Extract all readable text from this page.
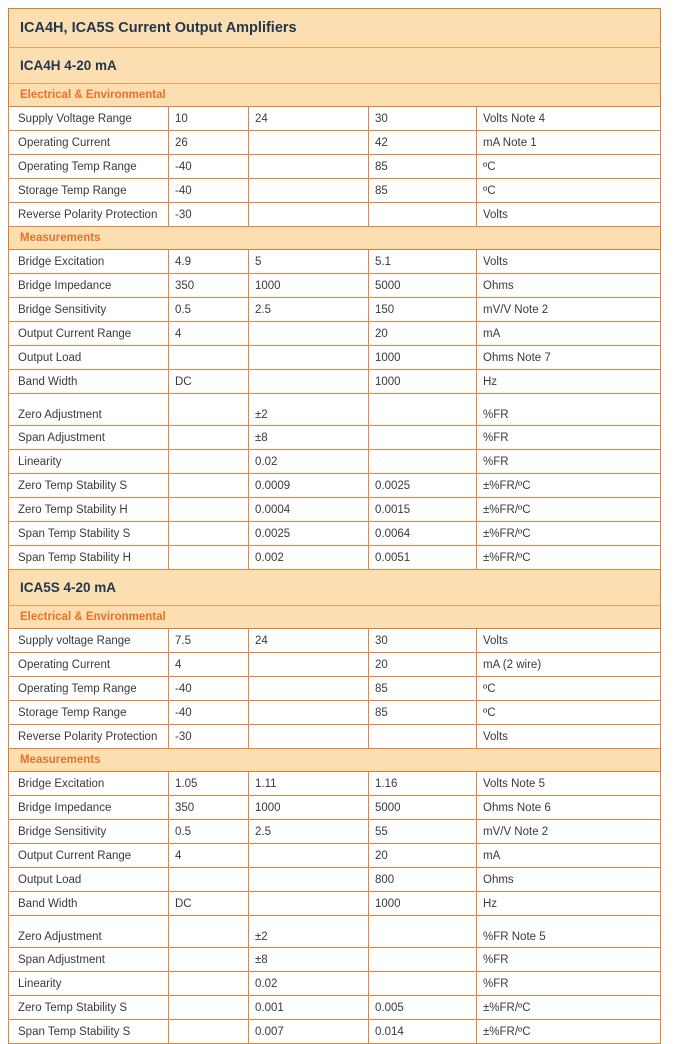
ICA4H, ICA5S Current Output Amplifiers				
ICA4H 4-20 mA				
Electrical & Environmental				
Supply Voltage Range	10	24	30	Volts Note 4
Operating Current	26		42	mA Note 1
Operating Temp Range	-40		85	ºC
Storage Temp Range	-40		85	ºC
Reverse Polarity Protection	-30			Volts
Measurements				
Bridge Excitation	4.9	5	5.1	Volts
Bridge Impedance	350	1000	5000	Ohms
Bridge Sensitivity	0.5	2.5	150	mV/V Note 2
Output Current Range	4		20	mA
Output Load			1000	Ohms Note 7
Band Width	DC		1000	Hz
Zero Adjustment		±2		%FR
Span Adjustment		±8		%FR
Linearity		0.02		%FR
Zero Temp Stability S		0.0009	0.0025	±%FR/ºC
Zero Temp Stability H		0.0004	0.0015	±%FR/ºC
Span Temp Stability S		0.0025	0.0064	±%FR/ºC
Span Temp Stability H		0.002	0.0051	±%FR/ºC
ICA5S 4-20 mA				
Electrical & Environmental				
Supply voltage Range	7.5	24	30	Volts
Operating Current	4		20	mA (2 wire)
Operating Temp Range	-40		85	ºC
Storage Temp Range	-40		85	ºC
Reverse Polarity Protection	-30			Volts
Measurements				
Bridge Excitation	1.05	1.11	1.16	Volts Note 5
Bridge Impedance	350	1000	5000	Ohms Note 6
Bridge Sensitivity	0.5	2.5	55	mV/V Note 2
Output Current Range	4		20	mA
Output Load			800	Ohms
Band Width	DC		1000	Hz
Zero Adjustment		±2		%FR Note 5
Span Adjustment		±8		%FR
Linearity		0.02		%FR
Zero Temp Stability S		0.001	0.005	±%FR/ºC
Span Temp Stability S		0.007	0.014	±%FR/ºC
